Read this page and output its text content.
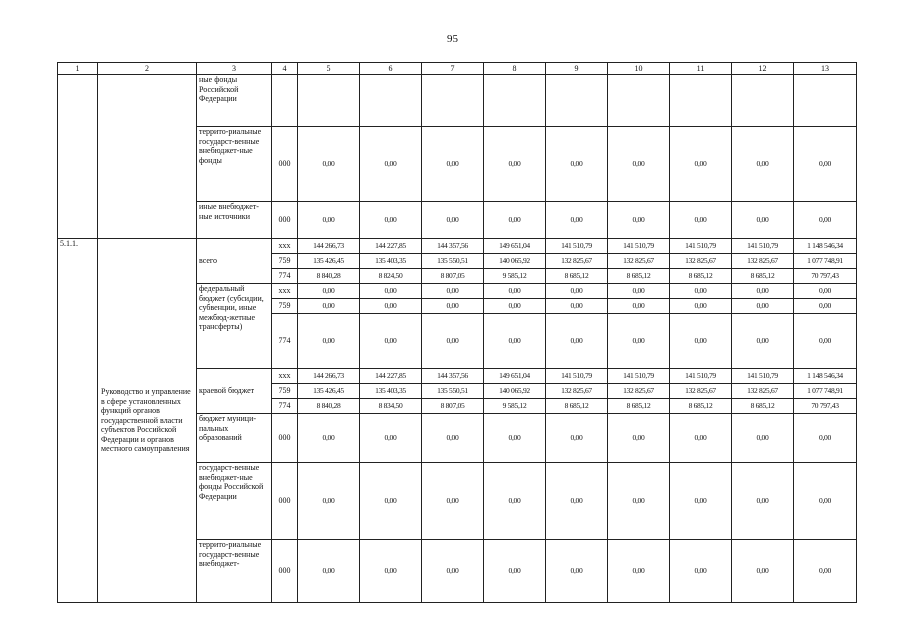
95
1	2	3	4	5	6	7	8	9	10	11	12	13
		ные фонды Российской Федерации										
		террито-риальные государст-венные внебюджет-ные фонды	000	0,00	0,00	0,00	0,00	0,00	0,00	0,00	0,00	0,00
		иные внебюджет-ные источники	000	0,00	0,00	0,00	0,00	0,00	0,00	0,00	0,00	0,00
5.1.1.	Руководство и управление в сфере установленных функций органов государственной власти субъектов Российской Федерации и органов местного самоуправления	всего	ххх	144 266,73	144 227,85	144 357,56	149 651,04	141 510,79	141 510,79	141 510,79	141 510,79	1 148 546,34
			759	135 426,45	135 403,35	135 550,51	140 065,92	132 825,67	132 825,67	132 825,67	132 825,67	1 077 748,91
			774	8 840,28	8 824,50	8 807,05	9 585,12	8 685,12	8 685,12	8 685,12	8 685,12	70 797,43
		федеральный бюджет (субсидии, субвенции, иные межбюд-жетные трансферты)	ххх	0,00	0,00	0,00	0,00	0,00	0,00	0,00	0,00	0,00
			759	0,00	0,00	0,00	0,00	0,00	0,00	0,00	0,00	0,00
			774	0,00	0,00	0,00	0,00	0,00	0,00	0,00	0,00	0,00
		краевой бюджет	ххх	144 266,73	144 227,85	144 357,56	149 651,04	141 510,79	141 510,79	141 510,79	141 510,79	1 148 546,34
			759	135 426,45	135 403,35	135 550,51	140 065,92	132 825,67	132 825,67	132 825,67	132 825,67	1 077 748,91
			774	8 840,28	8 834,50	8 807,05	9 585,12	8 685,12	8 685,12	8 685,12	8 685,12	70 797,43
		бюджет муници-пальных образований	000	0,00	0,00	0,00	0,00	0,00	0,00	0,00	0,00	0,00
		государст-венные внебюджет-ные фонды Российской Федерации	000	0,00	0,00	0,00	0,00	0,00	0,00	0,00	0,00	0,00
		террито-риальные государст-венные внебюджет-	000	0,00	0,00	0,00	0,00	0,00	0,00	0,00	0,00	0,00
